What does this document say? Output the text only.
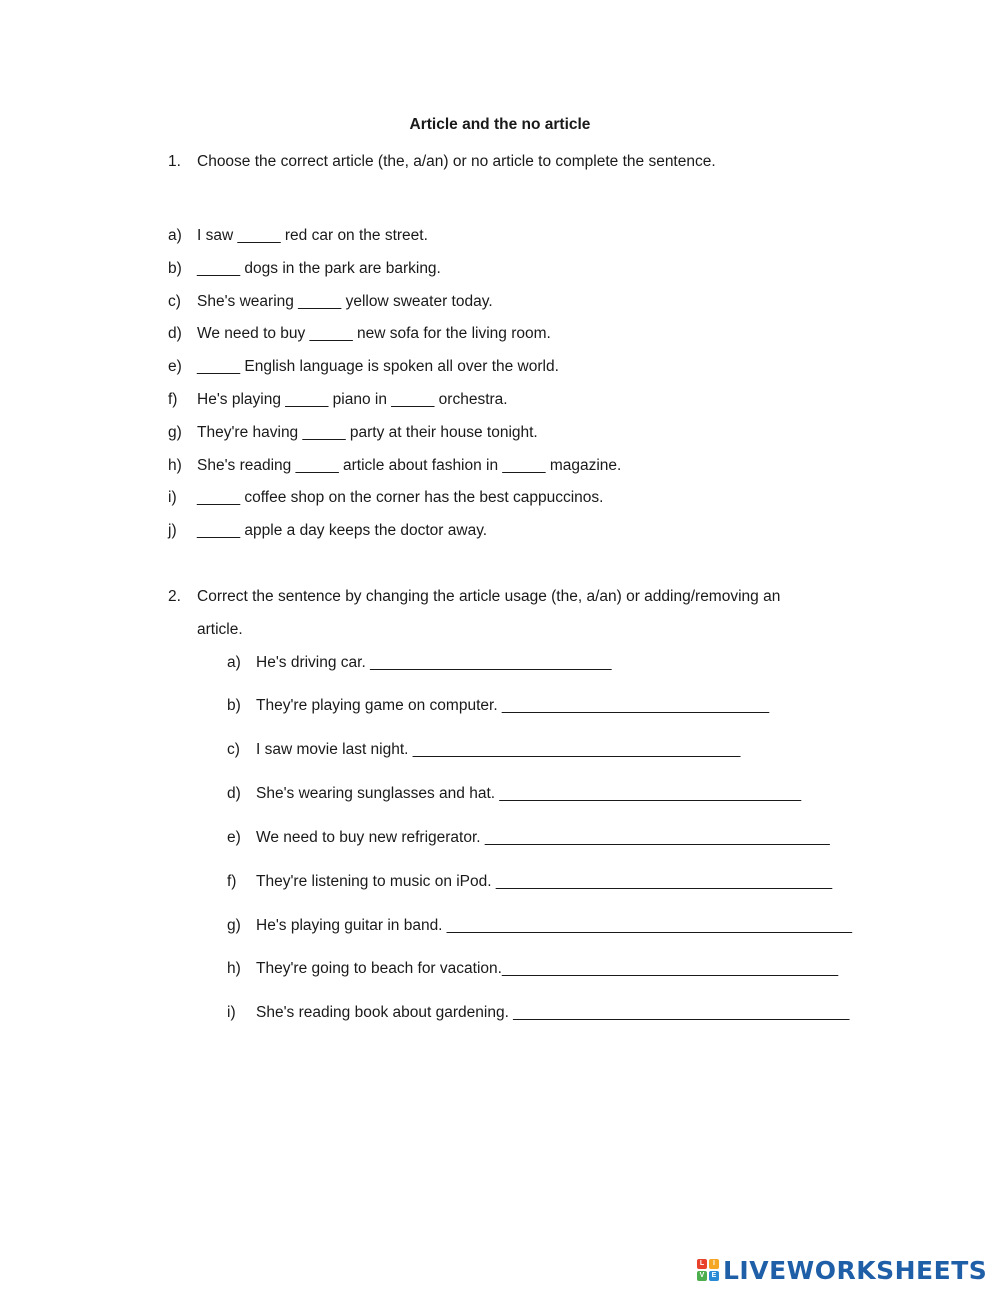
Article and the no article
1. Choose the correct article (the, a/an) or no article to complete the sentence.
a) I saw _____ red car on the street.
b) _____ dogs in the park are barking.
c) She's wearing _____ yellow sweater today.
d) We need to buy _____ new sofa for the living room.
e) _____ English language is spoken all over the world.
f) He's playing _____ piano in _____ orchestra.
g) They're having _____ party at their house tonight.
h) She's reading _____ article about fashion in _____ magazine.
i) _____ coffee shop on the corner has the best cappuccinos.
j) _____ apple a day keeps the doctor away.
2. Correct the sentence by changing the article usage (the, a/an) or adding/removing an
article.
a) He's driving car. ____________________________
b) They're playing game on computer. _______________________________
c) I saw movie last night. ______________________________________
d) She's wearing sunglasses and hat. ___________________________________
e) We need to buy new refrigerator. ________________________________________
f) They're listening to music on iPod. _______________________________________
g) He's playing guitar in band. _______________________________________________
h) They're going to beach for vacation._______________________________________
i) She's reading book about gardening. _______________________________________
L	I
V	E LIVEWORKSHEETS
